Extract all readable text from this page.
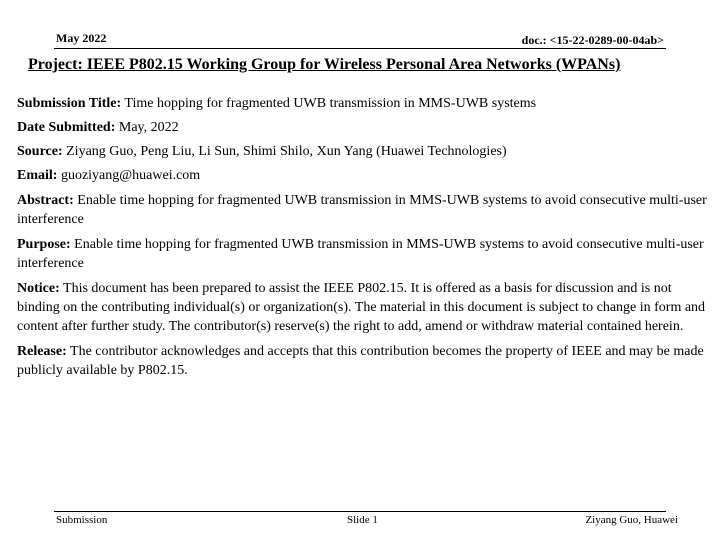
May 2022	doc.: <15-22-0289-00-04ab>
Project: IEEE P802.15 Working Group for Wireless Personal Area Networks (WPANs)

Submission Title: Time hopping for fragmented UWB transmission in MMS-UWB systems

Date Submitted: May, 2022

Source: Ziyang Guo, Peng Liu, Li Sun, Shimi Shilo, Xun Yang (Huawei Technologies)

Email: guoziyang@huawei.com

Abstract: Enable time hopping for fragmented UWB transmission in MMS-UWB systems to avoid consecutive multi-user interference

Purpose: Enable time hopping for fragmented UWB transmission in MMS-UWB systems to avoid consecutive multi-user interference

Notice: This document has been prepared to assist the IEEE P802.15. It is offered as a basis for discussion and is not binding on the contributing individual(s) or organization(s). The material in this document is subject to change in form and content after further study. The contributor(s) reserve(s) the right to add, amend or withdraw material contained herein.

Release: The contributor acknowledges and accepts that this contribution becomes the property of IEEE and may be made publicly available by P802.15.

Submission	Slide 1	Ziyang Guo, Huawei
